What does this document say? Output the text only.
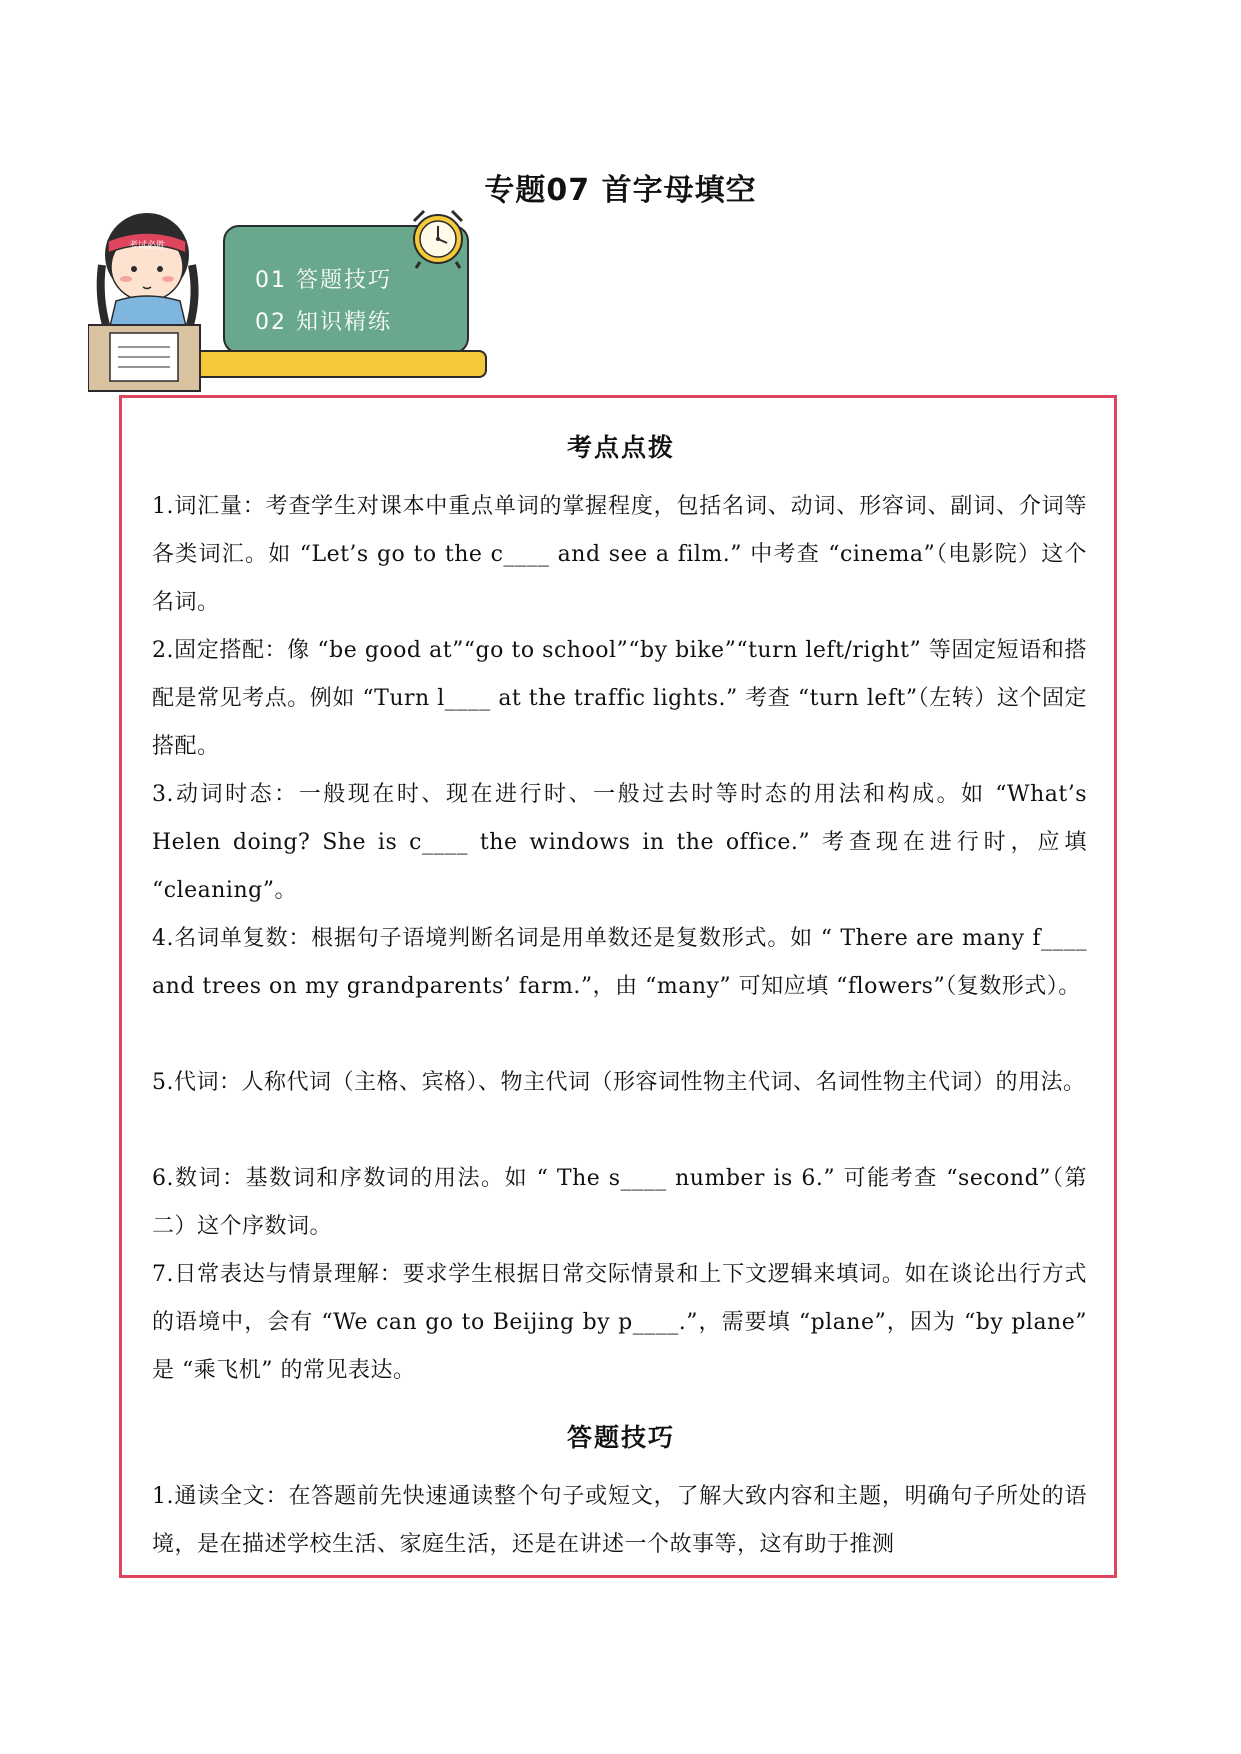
专题07 首字母填空
01 答题技巧
02 知识精练
考试必胜
考点点拨
1.词汇量：考查学生对课本中重点单词的掌握程度，包括名词、动词、形容词、副词、介词等各类词汇。如 “Let’s go to the c____ and see a film.” 中考查 “cinema”（电影院）这个名词。
2.固定搭配：像 “be good at”“go to school”“by bike”“turn left/right” 等固定短语和搭配是常见考点。例如 “Turn l____ at the traffic lights.” 考查 “turn left”（左转）这个固定搭配。
3.动词时态：一般现在时、现在进行时、一般过去时等时态的用法和构成。如 “What’s Helen doing? She is c____ the windows in the office.” 考查现在进行时，应填 “cleaning”。
4.名词单复数：根据句子语境判断名词是用单数还是复数形式。如 “ There are many f____ and trees on my grandparents’ farm.”，由 “many” 可知应填 “flowers”（复数形式）。
5.代词：人称代词（主格、宾格）、物主代词（形容词性物主代词、名词性物主代词）的用法。
6.数词：基数词和序数词的用法。如 “ The s____ number is 6.” 可能考查 “second”（第二）这个序数词。
7.日常表达与情景理解：要求学生根据日常交际情景和上下文逻辑来填词。如在谈论出行方式的语境中，会有 “We can go to Beijing by p____.”，需要填 “plane”，因为 “by plane” 是 “乘飞机” 的常见表达。
答题技巧
1.通读全文：在答题前先快速通读整个句子或短文，了解大致内容和主题，明确句子所处的语境，是在描述学校生活、家庭生活，还是在讲述一个故事等，这有助于推测
